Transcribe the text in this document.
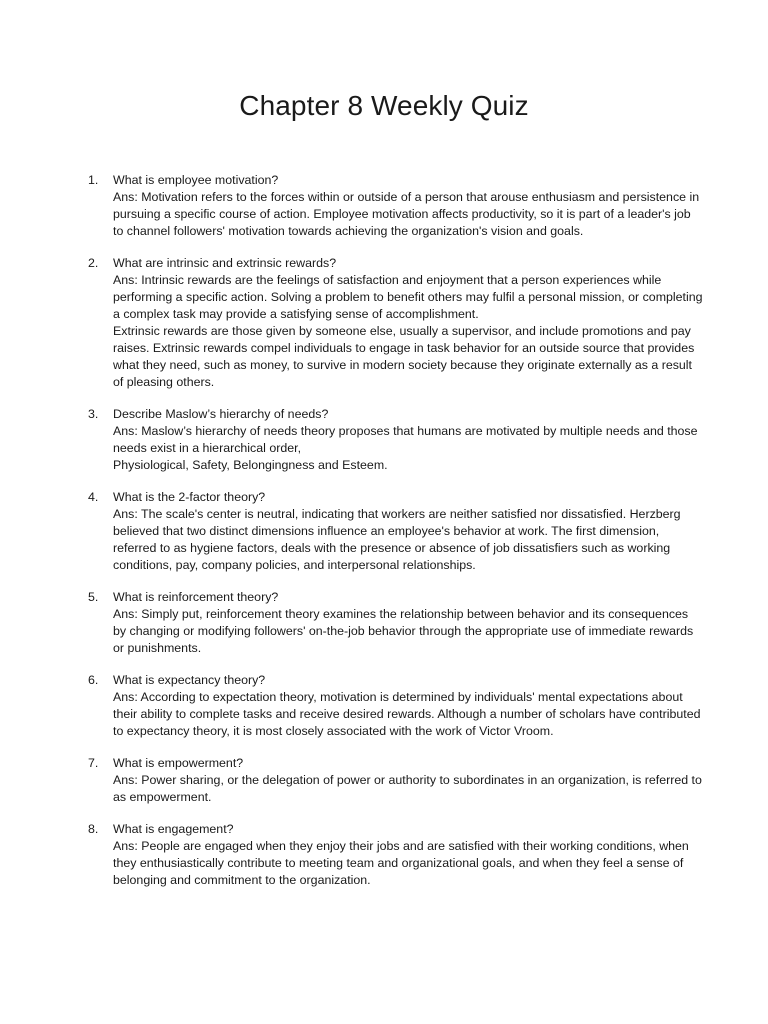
Chapter 8 Weekly Quiz
1. What is employee motivation?
Ans: Motivation refers to the forces within or outside of a person that arouse enthusiasm and persistence in pursuing a specific course of action. Employee motivation affects productivity, so it is part of a leader's job to channel followers' motivation towards achieving the organization's vision and goals.
2. What are intrinsic and extrinsic rewards?
Ans: Intrinsic rewards are the feelings of satisfaction and enjoyment that a person experiences while performing a specific action. Solving a problem to benefit others may fulfil a personal mission, or completing a complex task may provide a satisfying sense of accomplishment.
Extrinsic rewards are those given by someone else, usually a supervisor, and include promotions and pay raises. Extrinsic rewards compel individuals to engage in task behavior for an outside source that provides what they need, such as money, to survive in modern society because they originate externally as a result of pleasing others.
3. Describe Maslow’s hierarchy of needs?
Ans: Maslow’s hierarchy of needs theory proposes that humans are motivated by multiple needs and those needs exist in a hierarchical order,
Physiological, Safety, Belongingness and Esteem.
4. What is the 2-factor theory?
Ans: The scale's center is neutral, indicating that workers are neither satisfied nor dissatisfied. Herzberg believed that two distinct dimensions influence an employee's behavior at work. The first dimension, referred to as hygiene factors, deals with the presence or absence of job dissatisfiers such as working conditions, pay, company policies, and interpersonal relationships.
5. What is reinforcement theory?
Ans: Simply put, reinforcement theory examines the relationship between behavior and its consequences by changing or modifying followers' on-the-job behavior through the appropriate use of immediate rewards or punishments.
6. What is expectancy theory?
Ans: According to expectation theory, motivation is determined by individuals' mental expectations about their ability to complete tasks and receive desired rewards. Although a number of scholars have contributed to expectancy theory, it is most closely associated with the work of Victor Vroom.
7. What is empowerment?
Ans: Power sharing, or the delegation of power or authority to subordinates in an organization, is referred to as empowerment.
8. What is engagement?
Ans: People are engaged when they enjoy their jobs and are satisfied with their working conditions, when they enthusiastically contribute to meeting team and organizational goals, and when they feel a sense of belonging and commitment to the organization.
